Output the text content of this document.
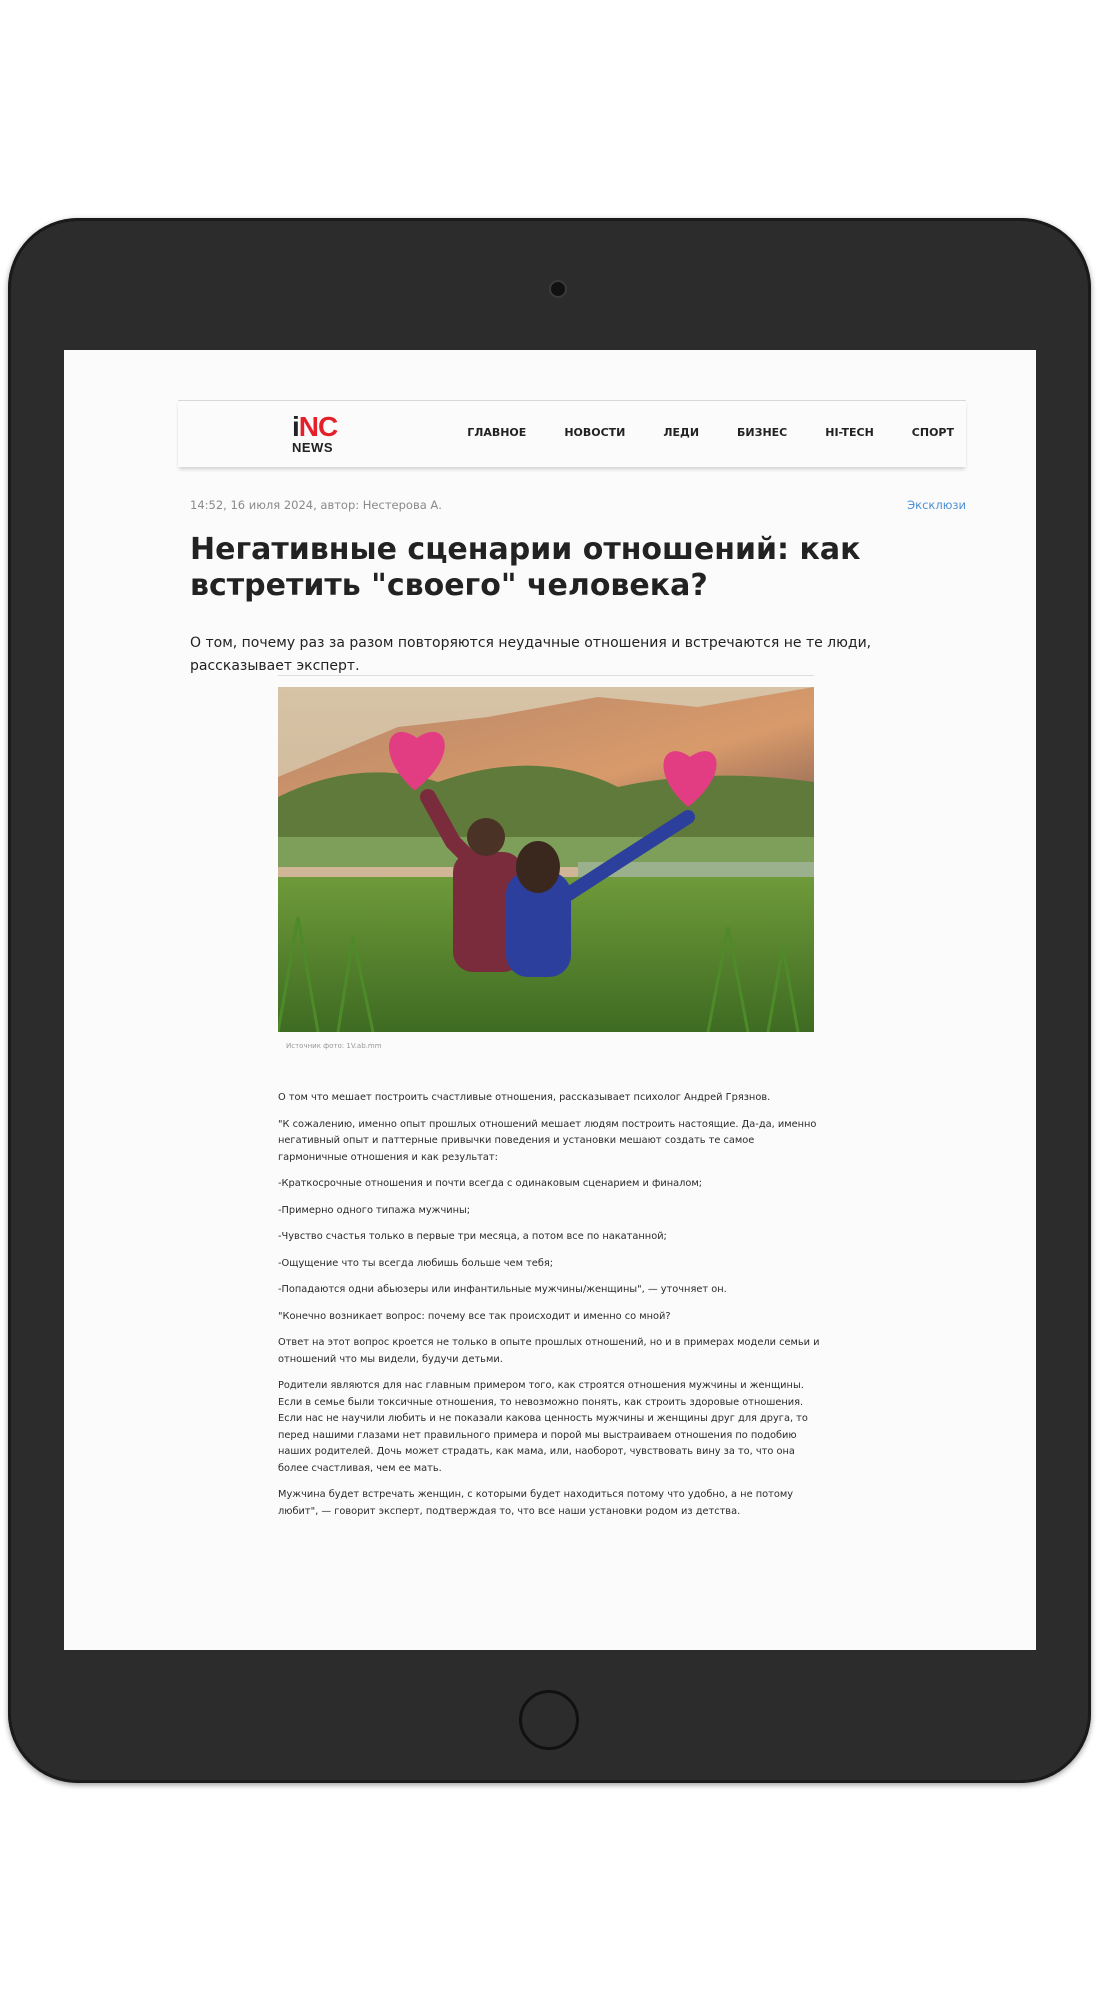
iNC
NEWS
ГЛАВНОЕ	НОВОСТИ	ЛЕДИ	БИЗНЕС	HI-TECH	СПОРТ
14:52, 16 июля 2024, автор: Нестерова А.	Эксклюзи
Негативные сценарии отношений: как встретить "своего" человека?
О том, почему раз за разом повторяются неудачные отношения и встречаются не те люди, рассказывает эксперт.
Источник фото: 1V.ab.mm

О том что мешает построить счастливые отношения, рассказывает психолог Андрей Грязнов.

"К сожалению, именно опыт прошлых отношений мешает людям построить настоящие. Да-да, именно негативный опыт и паттерные привычки поведения и установки мешают создать те самое гармоничные отношения и как результат:

-Краткосрочные отношения и почти всегда с одинаковым сценарием и финалом;

-Примерно одного типажа мужчины;

-Чувство счастья только в первые три месяца, а потом все по накатанной;

-Ощущение что ты всегда любишь больше чем тебя;

-Попадаются одни абьюзеры или инфантильные мужчины/женщины", — уточняет он.

"Конечно возникает вопрос: почему все так происходит и именно со мной?

Ответ на этот вопрос кроется не только в опыте прошлых отношений, но и в примерах модели семьи и отношений что мы видели, будучи детьми.

Родители являются для нас главным примером того, как строятся отношения мужчины и женщины. Если в семье были токсичные отношения, то невозможно понять, как строить здоровые отношения. Если нас не научили любить и не показали какова ценность мужчины и женщины друг для друга, то перед нашими глазами нет правильного примера и порой мы выстраиваем отношения по подобию наших родителей. Дочь может страдать, как мама, или, наоборот, чувствовать вину за то, что она более счастливая, чем ее мать.

Мужчина будет встречать женщин, с которыми будет находиться потому что удобно, а не потому любит", — говорит эксперт, подтверждая то, что все наши установки родом из детства.
